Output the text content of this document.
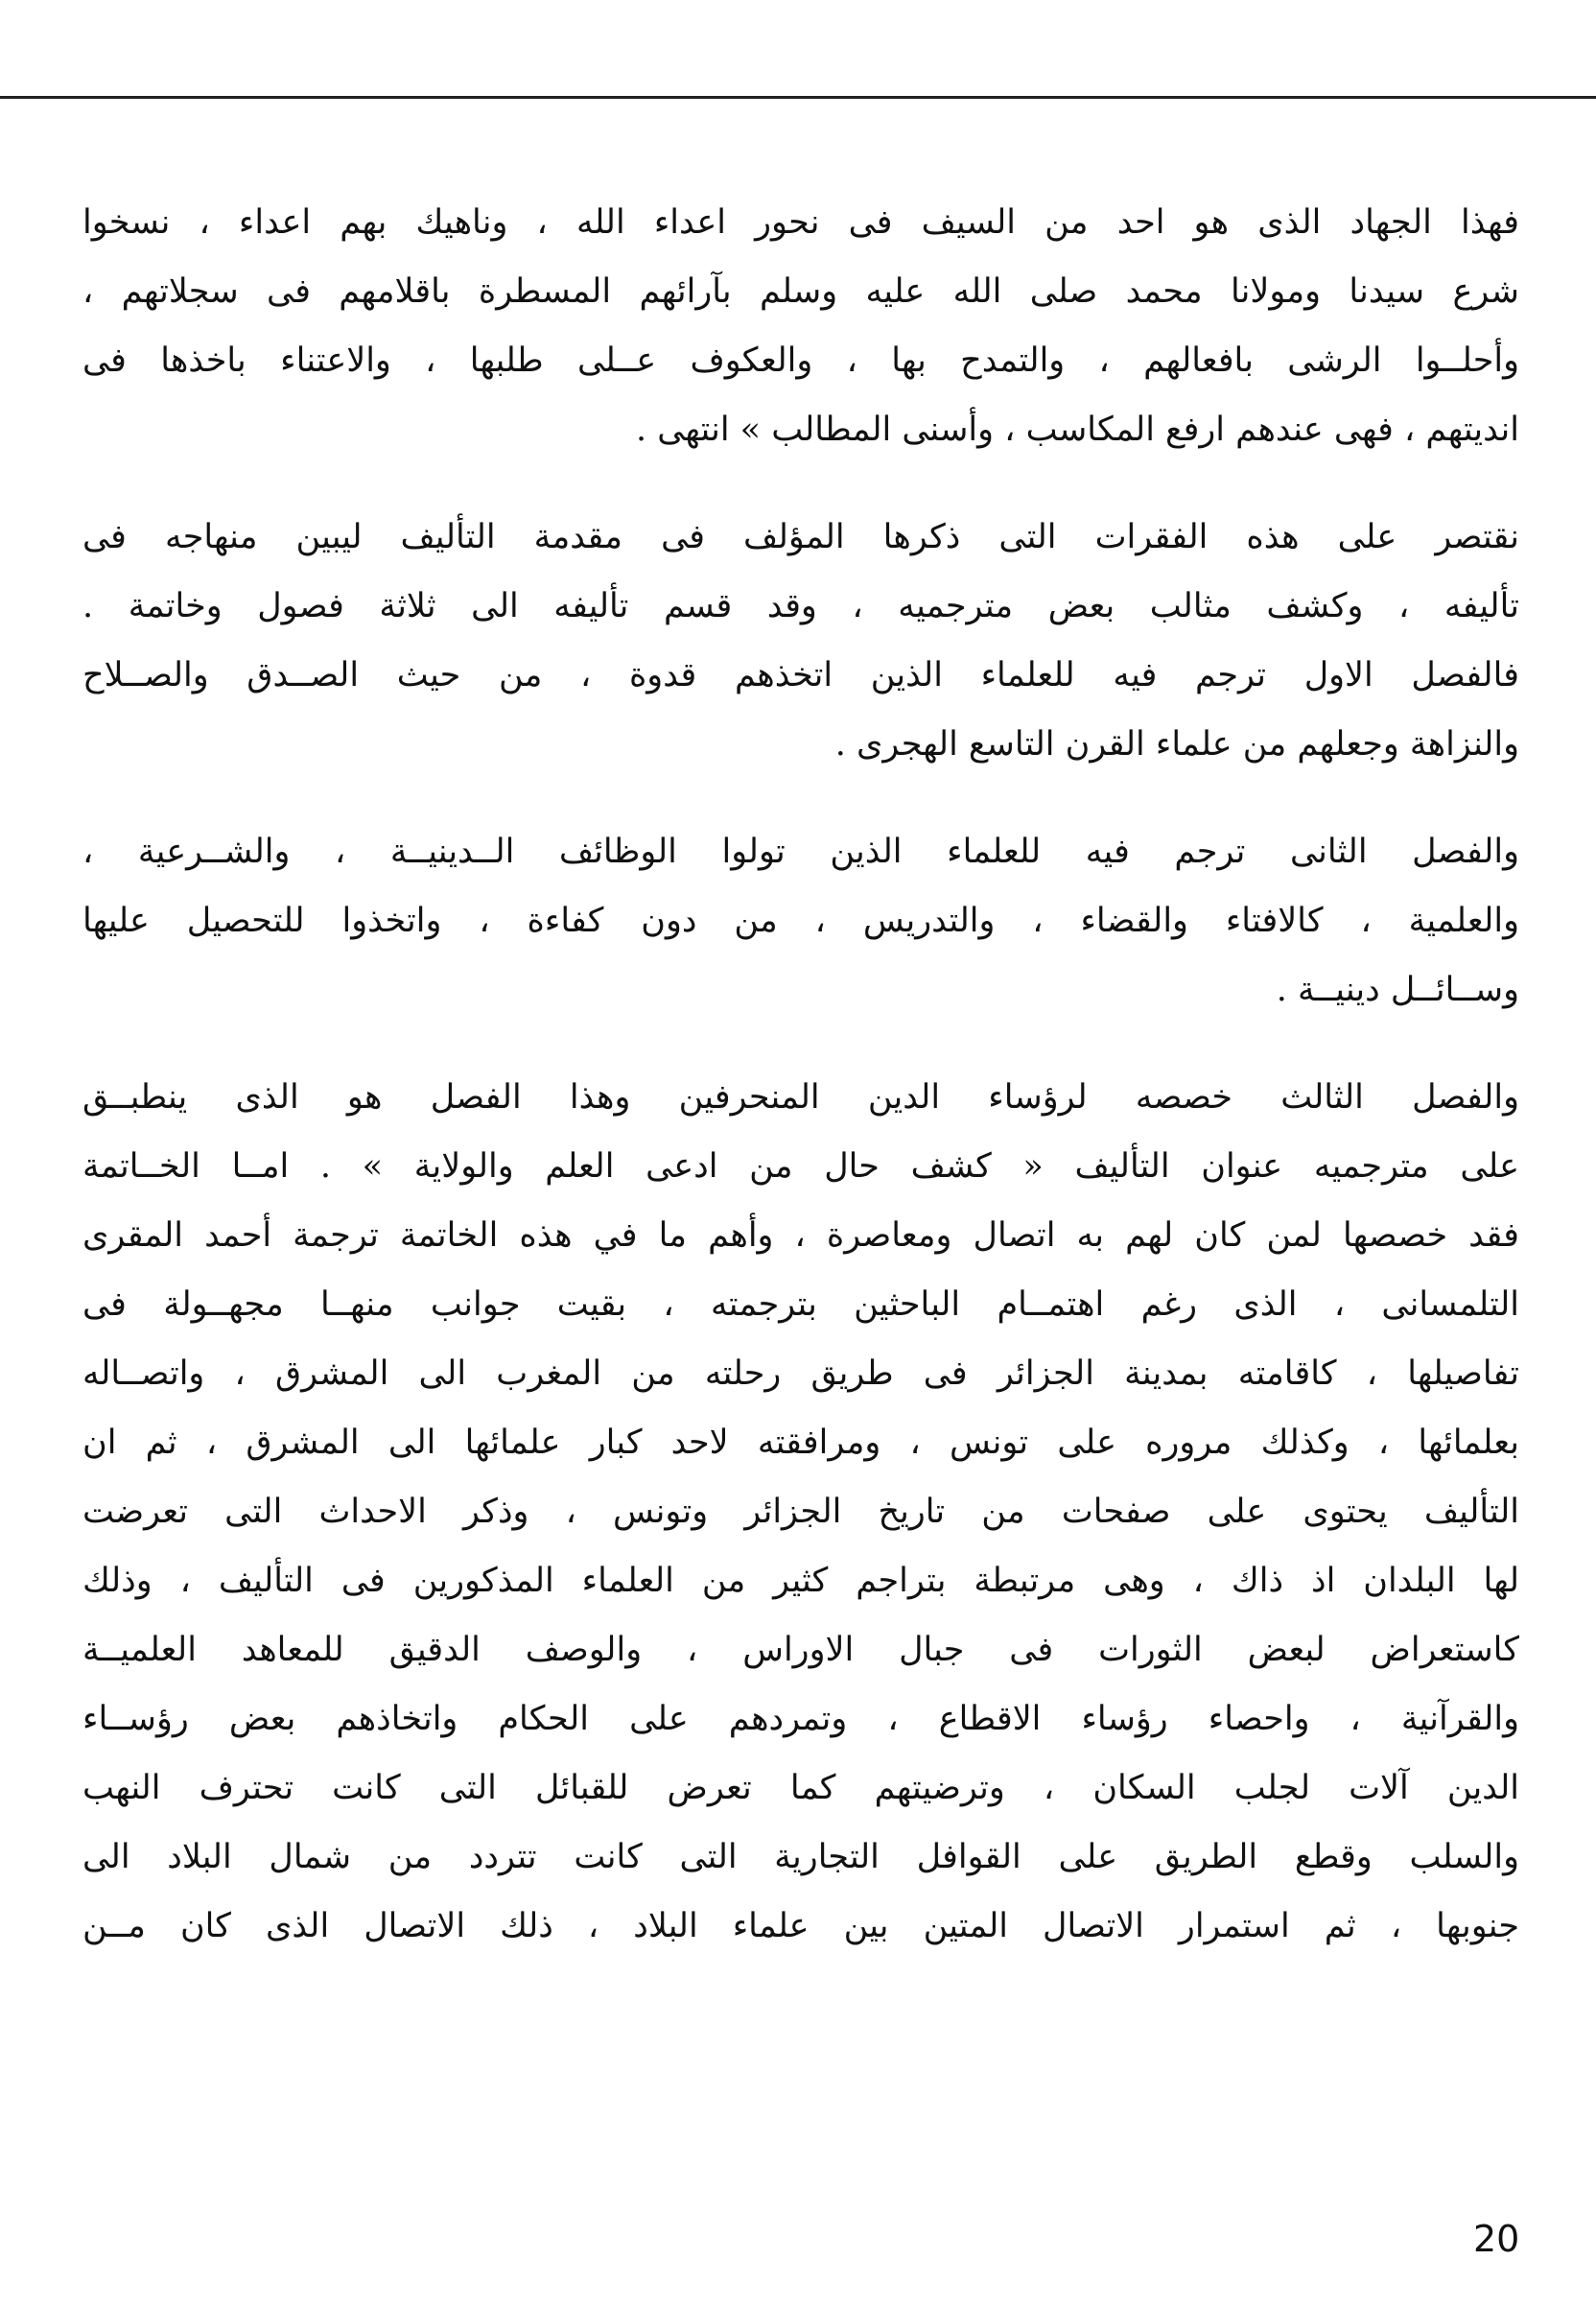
فهذا الجهاد الذى هو احد من السيف فى نحور اعداء الله ، وناهيك بهم اعداء ، نسخوا
شرع سيدنا ومولانا محمد صلى الله عليه وسلم بآرائهم المسطرة باقلامهم فى سجلاتهم ،
وأحلــوا الرشى بافعالهم ، والتمدح بها ، والعكوف عــلى طلبها ، والاعتناء باخذها فى
انديتهم ، فهى عندهم ارفع المكاسب ، وأسنى المطالب » انتهى .
نقتصر على هذه الفقرات التى ذكرها المؤلف فى مقدمة التأليف ليبين منهاجه فى
تأليفه ، وكشف مثالب بعض مترجميه ، وقد قسم تأليفه الى ثلاثة فصول وخاتمة .
فالفصل الاول ترجم فيه للعلماء الذين اتخذهم قدوة ، من حيث الصــدق والصــلاح
والنزاهة وجعلهم من علماء القرن التاسع الهجرى .
والفصل الثانى ترجم فيه للعلماء الذين تولوا الوظائف الــدينيــة ، والشــرعية ،
والعلمية ، كالافتاء والقضاء ، والتدريس ، من دون كفاءة ، واتخذوا للتحصيل عليها
وســائــل دينيــة .
والفصل الثالث خصصه لرؤساء الدين المنحرفين وهذا الفصل هو الذى ينطبــق
على مترجميه عنوان التأليف « كشف حال من ادعى العلم والولاية » . امــا الخــاتمة
فقد خصصها لمن كان لهم به اتصال ومعاصرة ، وأهم ما في هذه الخاتمة ترجمة أحمد المقرى
التلمسانى ، الذى رغم اهتمــام الباحثين بترجمته ، بقيت جوانب منهــا مجهــولة فى
تفاصيلها ، كاقامته بمدينة الجزائر فى طريق رحلته من المغرب الى المشرق ، واتصــاله
بعلمائها ، وكذلك مروره على تونس ، ومرافقته لاحد كبار علمائها الى المشرق ، ثم ان
التأليف يحتوى على صفحات من تاريخ الجزائر وتونس ، وذكر الاحداث التى تعرضت
لها البلدان اذ ذاك ، وهى مرتبطة بتراجم كثير من العلماء المذكورين فى التأليف ، وذلك
كاستعراض لبعض الثورات فى جبال الاوراس ، والوصف الدقيق للمعاهد العلميــة
والقرآنية ، واحصاء رؤساء الاقطاع ، وتمردهم على الحكام واتخاذهم بعض رؤســاء
الدين آلات لجلب السكان ، وترضيتهم كما تعرض للقبائل التى كانت تحترف النهب
والسلب وقطع الطريق على القوافل التجارية التى كانت تتردد من شمال البلاد الى
جنوبها ، ثم استمرار الاتصال المتين بين علماء البلاد ، ذلك الاتصال الذى كان مــن
20
